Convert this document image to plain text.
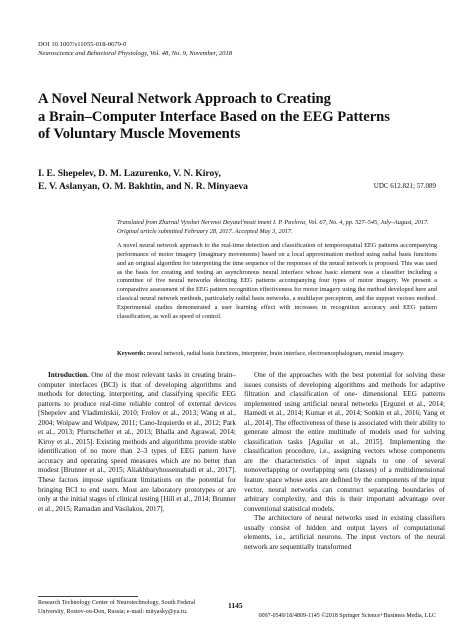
DOI 10.1007/s11055-018-0679-0
Neuroscience and Behavioral Physiology, Vol. 48, No. 9, November, 2018
A Novel Neural Network Approach to Creating
a Brain–Computer Interface Based on the EEG Patterns
of Voluntary Muscle Movements
I. E. Shepelev, D. M. Lazurenko, V. N. Kiroy,
E. V. Aslanyan, O. M. Bakhtin, and N. R. Minyaeva	UDC 612.821; 57.089
Translated from Zhurnal Vysshei Nervnoi Deyatel'nosti imeni I. P. Pavlova, Vol. 67, No. 4, pp. 527–545, July–August, 2017. Original article submitted February 28, 2017. Accepted May 3, 2017.
A novel neural network approach to the real-time detection and classification of temporospatial EEG patterns accompanying performance of motor imagery (imaginary movements) based on a local approximation method using radial basis functions and an original algorithm for interpreting the time sequence of the responses of the neural network is proposed. This was used as the basis for creating and testing an asynchronous neural interface whose basic element was a classifier including a committee of five neural networks detecting EEG patterns accompanying four types of motor imagery. We present a comparative assessment of the EEG pattern recognition effectiveness for motor imagery using the method developed here and classical neural network methods, particularly radial basis networks, a multilayer perceptron, and the support vectors method. Experimental studies demonstrated a user learning effect with increases in recognition accuracy and EEG pattern classification, as well as speed of control.
Keywords: neural network, radial basis functions, interpreter, brain interface, electroencephalogram, mental imagery.

Introduction. One of the most relevant tasks in creating brain–computer interfaces (BCI) is that of developing algorithms and methods for detecting, interpreting, and classifying specific EEG patterns to produce real-time reliable control of external devices [Shepelev and Vladimirskii, 2010; Frolov et al., 2013; Wang et al., 2004; Wolpaw and Wolpaw, 2011; Cano-Izquierdo et al., 2012; Park et al., 2013; Pfurtscheller et al., 2013; Bhalla and Agrawal, 2014; Kiroy et al., 2015]. Existing methods and algorithms provide stable identification of no more than 2–3 types of EEG pattern have accuracy and operating speed measures which are no better than modest [Brunner et al., 2015; Aliakhbaryhosseinabadi et al., 2017]. These factors impose significant limitations on the potential for bringing BCI to end users. Most are laboratory prototypes or are only at the initial stages of clinical testing [Hill et al., 2014; Brunner et al., 2015; Ramadan and Vasilakos, 2017].

One of the approaches with the best potential for solving these issues consists of developing algorithms and methods for adaptive filtration and classification of one- dimensional EEG patterns implemented using artificial neural networks [Erguzel et al., 2014; Hamedi et al., 2014; Kumar et al., 2014; Sonkin et al., 2016; Yang et al., 2014]. The effectiveness of these is associated with their ability to generate almost the entire multitude of models used for solving classification tasks [Aguilar et al., 2015]. Implementing the classification procedure, i.e., assigning vectors whose components are the characteristics of input signals to one of several nonoverlapping or overlapping sets (classes) of a multidimensional feature space whose axes are defined by the components of the input vector, neural networks can construct separating boundaries of arbitrary complexity, and this is their important advantage over conventional statistical models.

The architecture of neural networks used in existing classifiers usually consist of hidden and output layers of computational elements, i.e., artificial neurons. The input vectors of the neural network are sequentially transformed

Research Technology Center of Neurotechnology, South Federal
University, Rostov-on-Don, Russia; e-mail: mityasky@ya.ru.
1145
0097-0549/18/4809-1145 ©2018 Springer Science+Business Media, LLC
